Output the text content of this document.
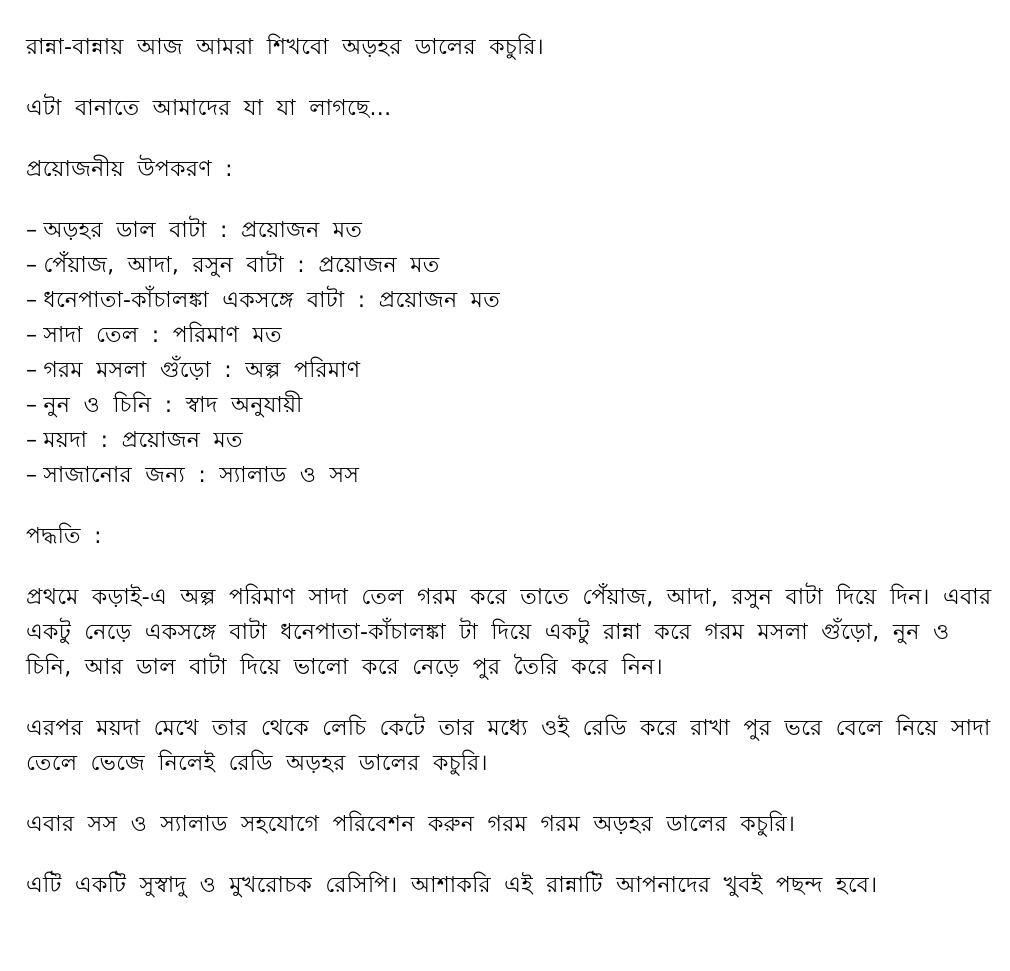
রান্না-বান্নায় আজ আমরা শিখবো অড়হর ডালের কচুরি।

এটা বানাতে আমাদের যা যা লাগছে...

প্রয়োজনীয় উপকরণ :

– অড়হর ডাল বাটা : প্রয়োজন মত
– পেঁয়াজ, আদা, রসুন বাটা : প্রয়োজন মত
– ধনেপাতা-কাঁচালঙ্কা একসঙ্গে বাটা : প্রয়োজন মত
– সাদা তেল : পরিমাণ মত
– গরম মসলা গুঁড়ো : অল্প পরিমাণ
– নুন ও চিনি : স্বাদ অনুযায়ী
– ময়দা : প্রয়োজন মত
– সাজানোর জন্য : স্যালাড ও সস

পদ্ধতি :

প্রথমে কড়াই-এ অল্প পরিমাণ সাদা তেল গরম করে তাতে পেঁয়াজ, আদা, রসুন বাটা দিয়ে দিন। এবার একটু নেড়ে একসঙ্গে বাটা ধনেপাতা-কাঁচালঙ্কা টা দিয়ে একটু রান্না করে গরম মসলা গুঁড়ো, নুন ও চিনি, আর ডাল বাটা দিয়ে ভালো করে নেড়ে পুর তৈরি করে নিন।

এরপর ময়দা মেখে তার থেকে লেচি কেটে তার মধ্যে ওই রেডি করে রাখা পুর ভরে বেলে নিয়ে সাদা তেলে ভেজে নিলেই রেডি অড়হর ডালের কচুরি।

এবার সস ও স্যালাড সহযোগে পরিবেশন করুন গরম গরম অড়হর ডালের কচুরি।

এটি একটি সুস্বাদু ও মুখরোচক রেসিপি। আশাকরি এই রান্নাটি আপনাদের খুবই পছন্দ হবে।
